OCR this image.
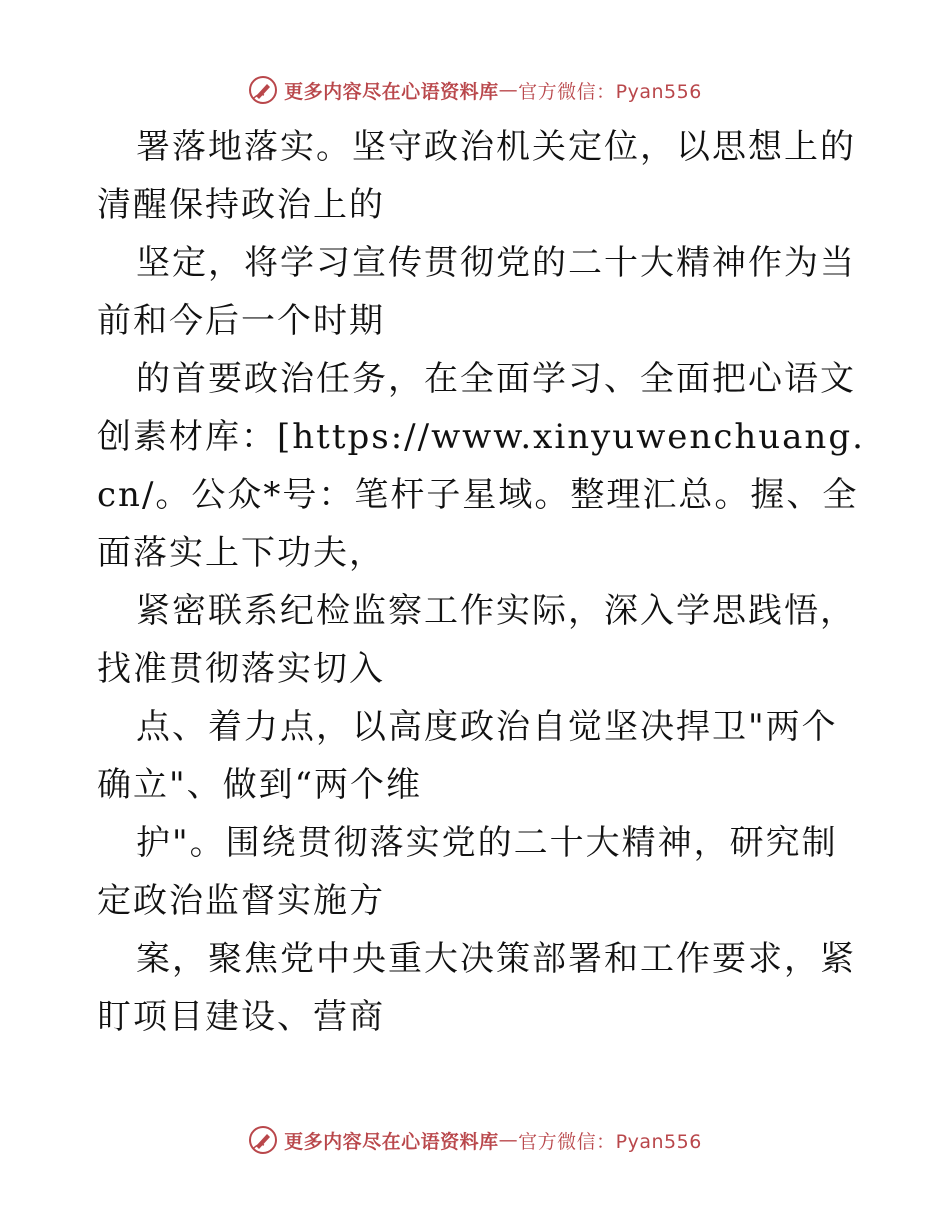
更多内容尽在心语资料库 — 官方微信：Pyan556

署落地落实。坚守政治机关定位，以思想上的清醒保持政治上的

坚定，将学习宣传贯彻党的二十大精神作为当前和今后一个时期

的首要政治任务，在全面学习、全面把心语文创素材库：[https://www.xinyuwenchuang.cn/。公众*号：笔杆子星域。整理汇总。握、全面落实上下功夫，

紧密联系纪检监察工作实际，深入学思践悟，找准贯彻落实切入

点、着力点，以高度政治自觉坚决捍卫"两个确立"、做到“两个维

护"。围绕贯彻落实党的二十大精神，研究制定政治监督实施方

案，聚焦党中央重大决策部署和工作要求，紧盯项目建设、营商

更多内容尽在心语资料库 — 官方微信：Pyan556
